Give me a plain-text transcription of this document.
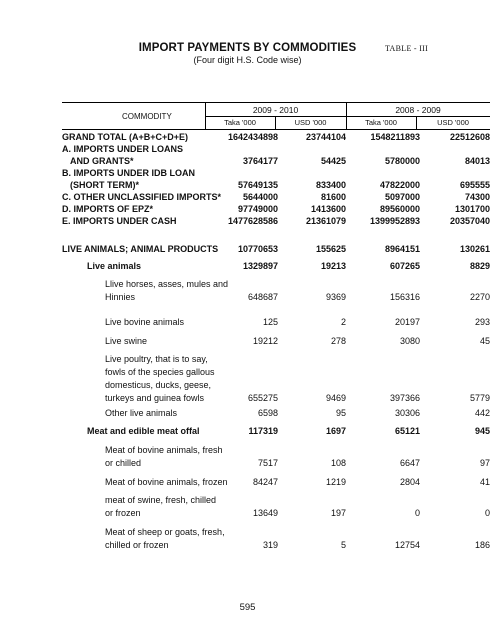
IMPORT PAYMENTS BY COMMODITIES
(Four digit H.S. Code wise)
TABLE - III
COMMODITY
2009 - 2010	2008 - 2009
Taka '000	USD '000	Taka '000	USD '000
GRAND TOTAL (A+B+C+D+E)	1642434898	23744104	1548211893	22512608
A. IMPORTS UNDER LOANS
AND GRANTS*	3764177	54425	5780000	84013
B. IMPORTS UNDER IDB LOAN
(SHORT TERM)*	57649135	833400	47822000	695555
C. OTHER UNCLASSIFIED IMPORTS* 5644000	81600	5097000	74300
D. IMPORTS OF EPZ*	97749000	1413600	89560000	1301700
E. IMPORTS UNDER CASH	1477628586	21361079	1399952893	20357040
LIVE ANIMALS; ANIMAL PRODUCTS 10770653	155625	8964151	130261
Live animals	1329897	19213	607265	8829
Llive horses, asses, mules and
Hinnies	648687	9369	156316	2270
Live bovine animals	125	2	20197	293
Live swine	19212	278	3080	45
Live poultry, that is to say,
fowls of the species gallous
domesticus, ducks, geese,
turkeys and guinea fowls	655275	9469	397366	5779
Other live animals	6598	95	30306	442
Meat and edible meat offal	117319	1697	65121	945
Meat of bovine animals, fresh
or chilled	7517	108	6647	97
Meat of bovine animals, frozen	84247	1219	2804	41
meat of swine, fresh, chilled
or frozen	13649	197	0	0
Meat of sheep or goats, fresh,
chilled or frozen	319	5	12754	186
595
